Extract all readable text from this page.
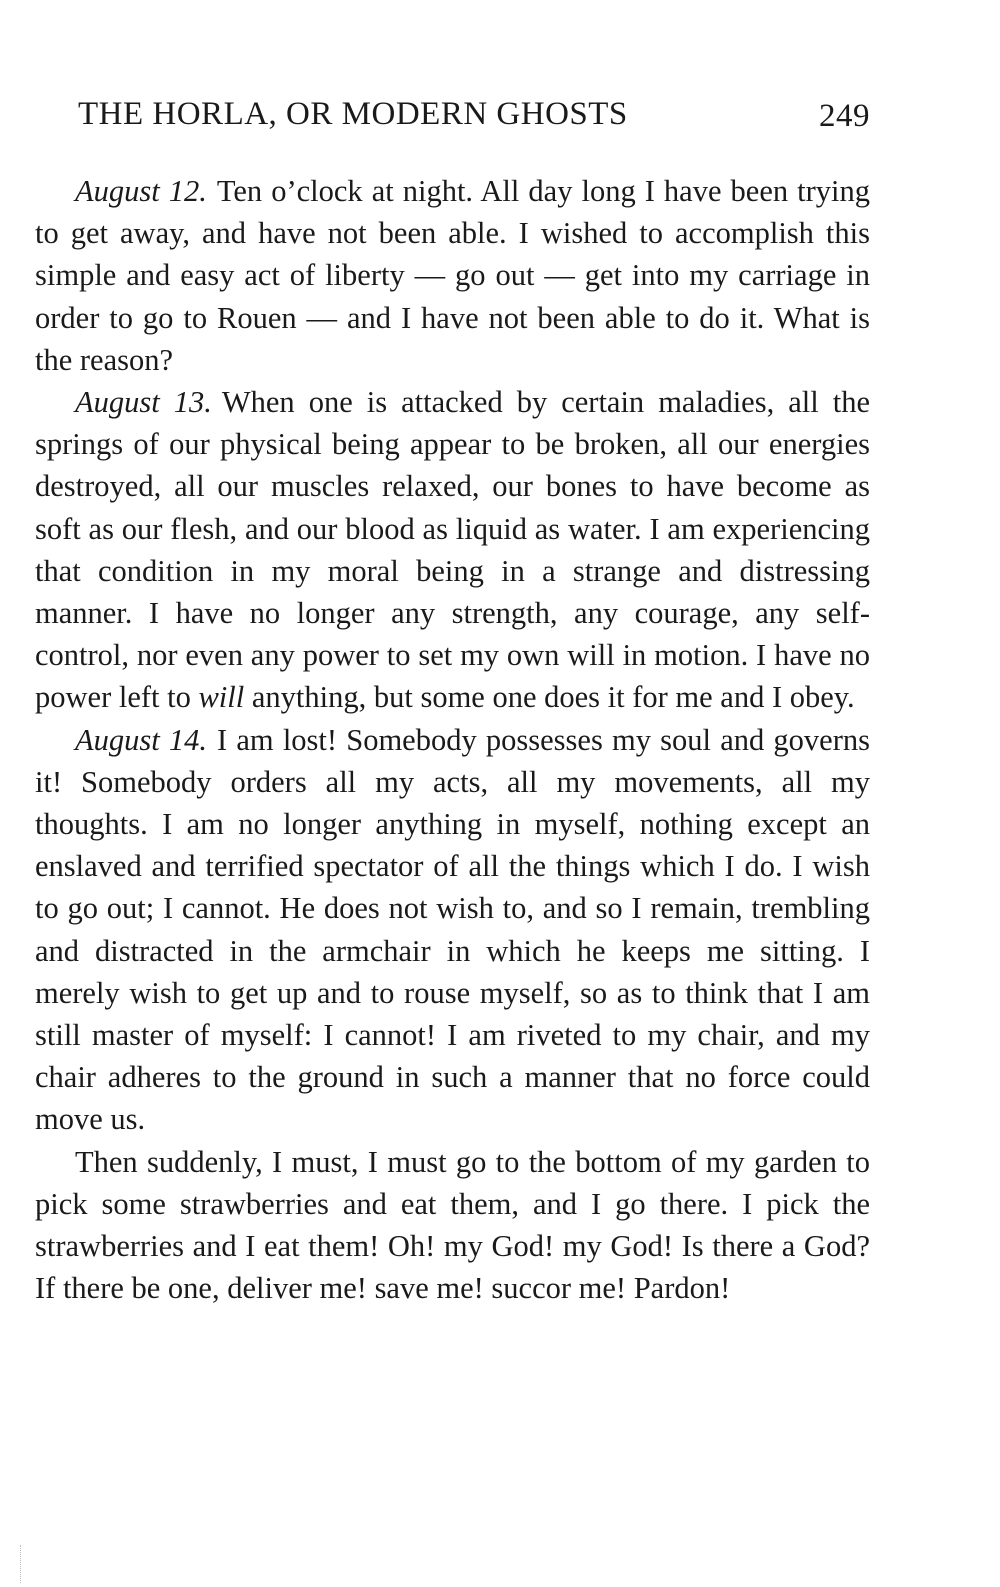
THE HORLA, OR MODERN GHOSTS	249

August 12. Ten o’clock at night. All day long I have been trying to get away, and have not been able. I wished to accomplish this simple and easy act of liberty — go out — get into my carriage in order to go to Rouen — and I have not been able to do it. What is the reason?

August 13. When one is attacked by certain maladies, all the springs of our physical being appear to be broken, all our energies destroyed, all our muscles relaxed, our bones to have become as soft as our flesh, and our blood as liquid as water. I am experiencing that condition in my moral being in a strange and distressing manner. I have no longer any strength, any courage, any self-control, nor even any power to set my own will in motion. I have no power left to will anything, but some one does it for me and I obey.

August 14. I am lost! Somebody possesses my soul and governs it! Somebody orders all my acts, all my movements, all my thoughts. I am no longer anything in myself, nothing except an enslaved and terrified spectator of all the things which I do. I wish to go out; I cannot. He does not wish to, and so I remain, trembling and distracted in the armchair in which he keeps me sitting. I merely wish to get up and to rouse myself, so as to think that I am still master of myself: I cannot! I am riveted to my chair, and my chair adheres to the ground in such a manner that no force could move us.

Then suddenly, I must, I must go to the bottom of my garden to pick some strawberries and eat them, and I go there. I pick the strawberries and I eat them! Oh! my God! my God! Is there a God? If there be one, deliver me! save me! succor me! Pardon!
